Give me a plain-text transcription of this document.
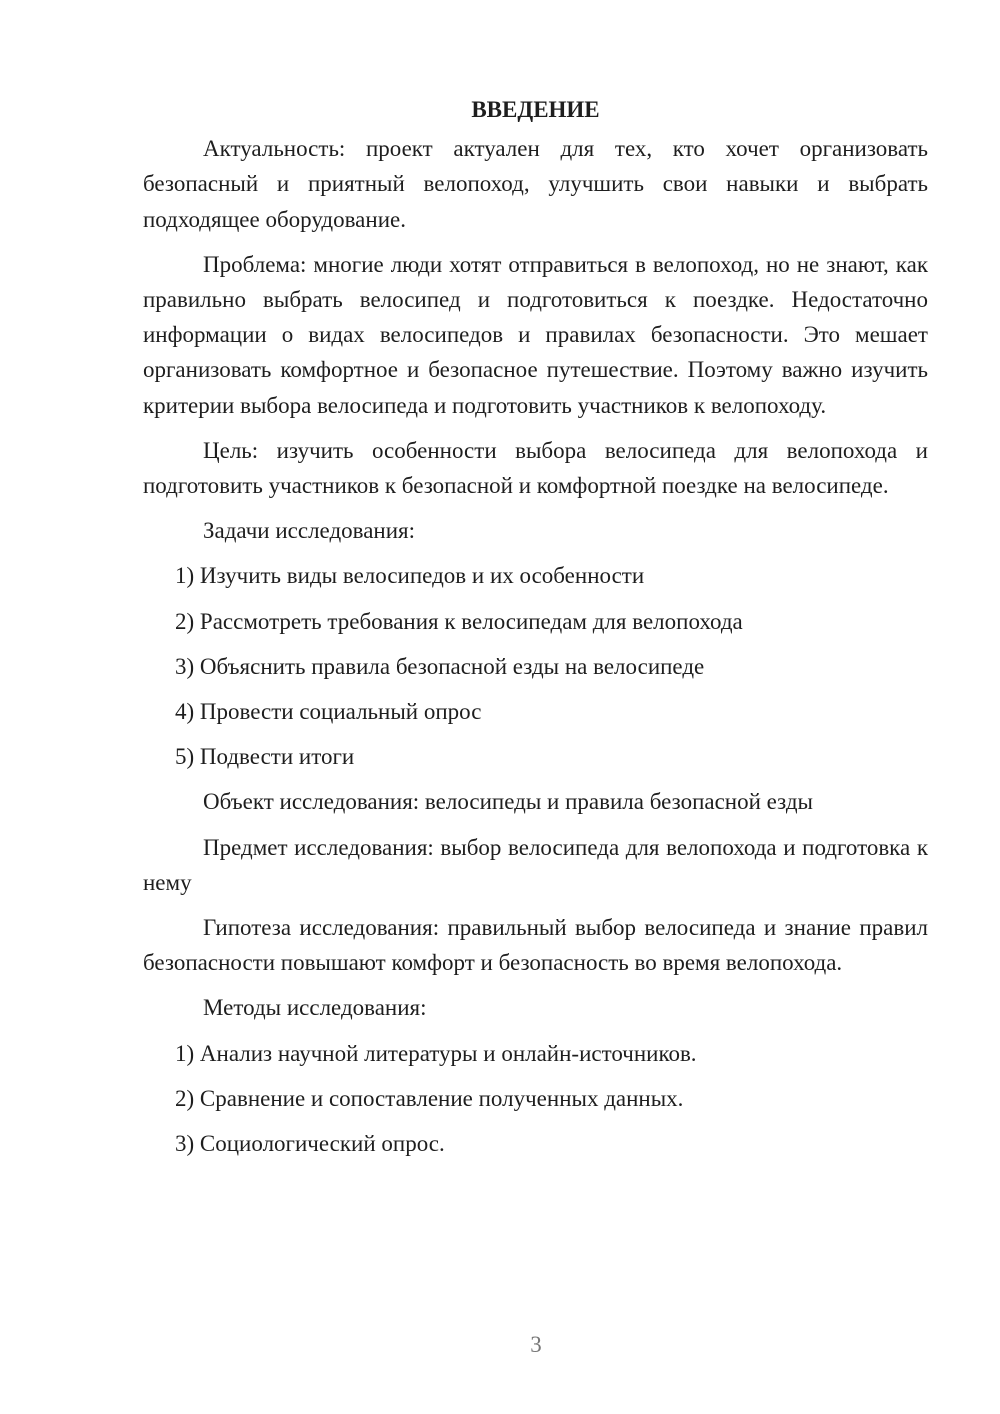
ВВЕДЕНИЕ

Актуальность: проект актуален для тех, кто хочет организовать безопасный и приятный велопоход, улучшить свои навыки и выбрать подходящее оборудование.

Проблема: многие люди хотят отправиться в велопоход, но не знают, как правильно выбрать велосипед и подготовиться к поездке. Недостаточно информации о видах велосипедов и правилах безопасности. Это мешает организовать комфортное и безопасное путешествие. Поэтому важно изучить критерии выбора велосипеда и подготовить участников к велопоходу.

Цель: изучить особенности выбора велосипеда для велопохода и подготовить участников к безопасной и комфортной поездке на велосипеде.

Задачи исследования:

1) Изучить виды велосипедов и их особенности

2) Рассмотреть требования к велосипедам для велопохода

3) Объяснить правила безопасной езды на велосипеде

4) Провести социальный опрос

5) Подвести итоги

Объект исследования: велосипеды и правила безопасной езды

Предмет исследования: выбор велосипеда для велопохода и подготовка к нему

Гипотеза исследования: правильный выбор велосипеда и знание правил безопасности повышают комфорт и безопасность во время велопохода.

Методы исследования:

1) Анализ научной литературы и онлайн-источников.

2) Сравнение и сопоставление полученных данных.

3) Социологический опрос.

3
